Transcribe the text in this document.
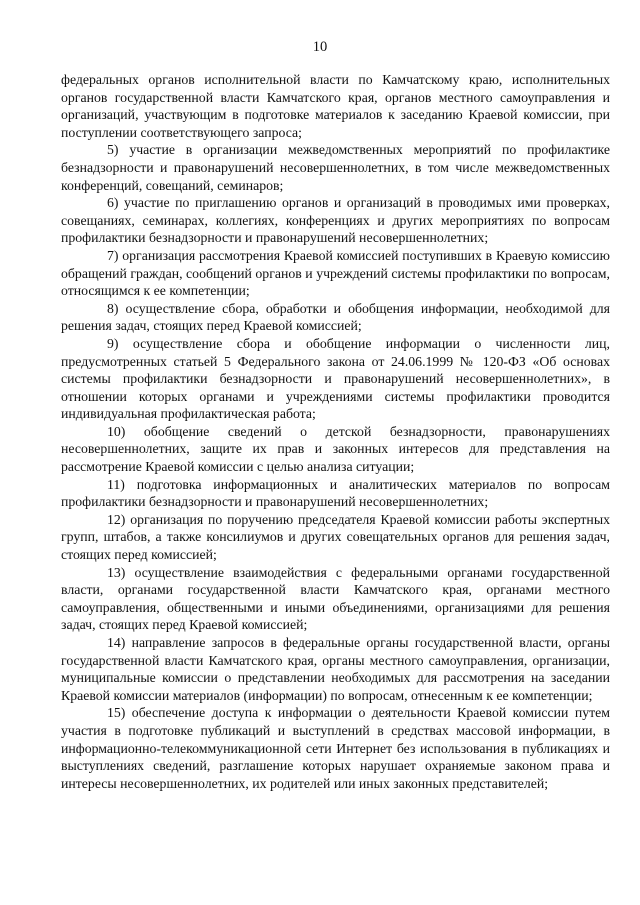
10

федеральных органов исполнительной власти по Камчатскому краю, исполнительных органов государственной власти Камчатского края, органов местного самоуправления и организаций, участвующим в подготовке материалов к заседанию Краевой комиссии, при поступлении соответствующего запроса;

5) участие в организации межведомственных мероприятий по профилактике безнадзорности и правонарушений несовершеннолетних, в том числе межведомственных конференций, совещаний, семинаров;

6) участие по приглашению органов и организаций в проводимых ими проверках, совещаниях, семинарах, коллегиях, конференциях и других мероприятиях по вопросам профилактики безнадзорности и правонарушений несовершеннолетних;

7) организация рассмотрения Краевой комиссией поступивших в Краевую комиссию обращений граждан, сообщений органов и учреждений системы профилактики по вопросам, относящимся к ее компетенции;

8) осуществление сбора, обработки и обобщения информации, необходимой для решения задач, стоящих перед Краевой комиссией;

9) осуществление сбора и обобщение информации о численности лиц, предусмотренных статьей 5 Федерального закона от 24.06.1999 № 120-ФЗ «Об основах системы профилактики безнадзорности и правонарушений несовершеннолетних», в отношении которых органами и учреждениями системы профилактики проводится индивидуальная профилактическая работа;

10) обобщение сведений о детской безнадзорности, правонарушениях несовершеннолетних, защите их прав и законных интересов для представления на рассмотрение Краевой комиссии с целью анализа ситуации;

11) подготовка информационных и аналитических материалов по вопросам профилактики безнадзорности и правонарушений несовершеннолетних;

12) организация по поручению председателя Краевой комиссии работы экспертных групп, штабов, а также консилиумов и других совещательных органов для решения задач, стоящих перед комиссией;

13) осуществление взаимодействия с федеральными органами государственной власти, органами государственной власти Камчатского края, органами местного самоуправления, общественными и иными объединениями, организациями для решения задач, стоящих перед Краевой комиссией;

14) направление запросов в федеральные органы государственной власти, органы государственной власти Камчатского края, органы местного самоуправления, организации, муниципальные комиссии о представлении необходимых для рассмотрения на заседании Краевой комиссии материалов (информации) по вопросам, отнесенным к ее компетенции;

15) обеспечение доступа к информации о деятельности Краевой комиссии путем участия в подготовке публикаций и выступлений в средствах массовой информации, в информационно-телекоммуникационной сети Интернет без использования в публикациях и выступлениях сведений, разглашение которых нарушает охраняемые законом права и интересы несовершеннолетних, их родителей или иных законных представителей;
